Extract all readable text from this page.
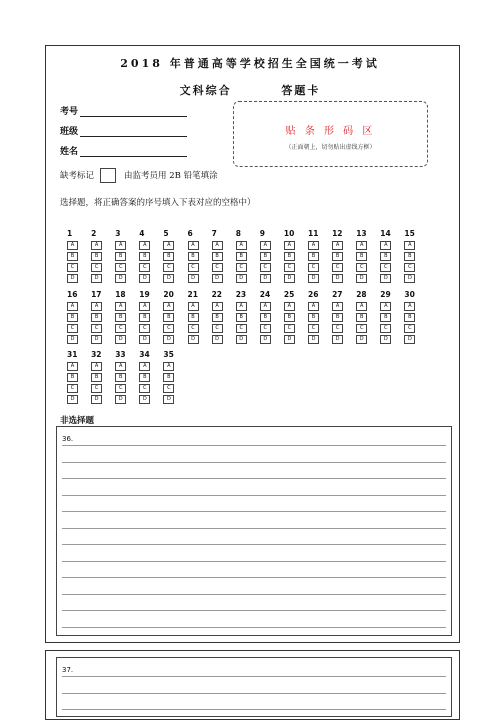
2018 年普通高等学校招生全国统一考试
文科综合	答题卡
考号
班级
姓名
贴 条 形 码 区
（正面朝上，切勿贴出虚线方框）
缺考标记	由监考员用 2B 铅笔填涂
选择题，将正确答案的序号填入下表对应的空格中）
1
A
B
C
D
2
A
B
C
D
3
A
B
C
D
4
A
B
C
D
5
A
B
C
D
6
A
B
C
D
7
A
B
C
D
8
A
B
C
D
9
A
B
C
D
10
A
B
C
D
11
A
B
C
D
12
A
B
C
D
13
A
B
C
D
14
A
B
C
D
15
A
B
C
D
16
A
B
C
D
17
A
B
C
D
18
A
B
C
D
19
A
B
C
D
20
A
B
C
D
21
A
B
C
D
22
A
B
C
D
23
A
B
C
D
24
A
B
C
D
25
A
B
C
D
26
A
B
C
D
27
A
B
C
D
28
A
B
C
D
29
A
B
C
D
30
A
B
C
D
31
A
B
C
D
32
A
B
C
D
33
A
B
C
D
34
A
B
C
D
35
A
B
C
D
非选择题
36.
37.
